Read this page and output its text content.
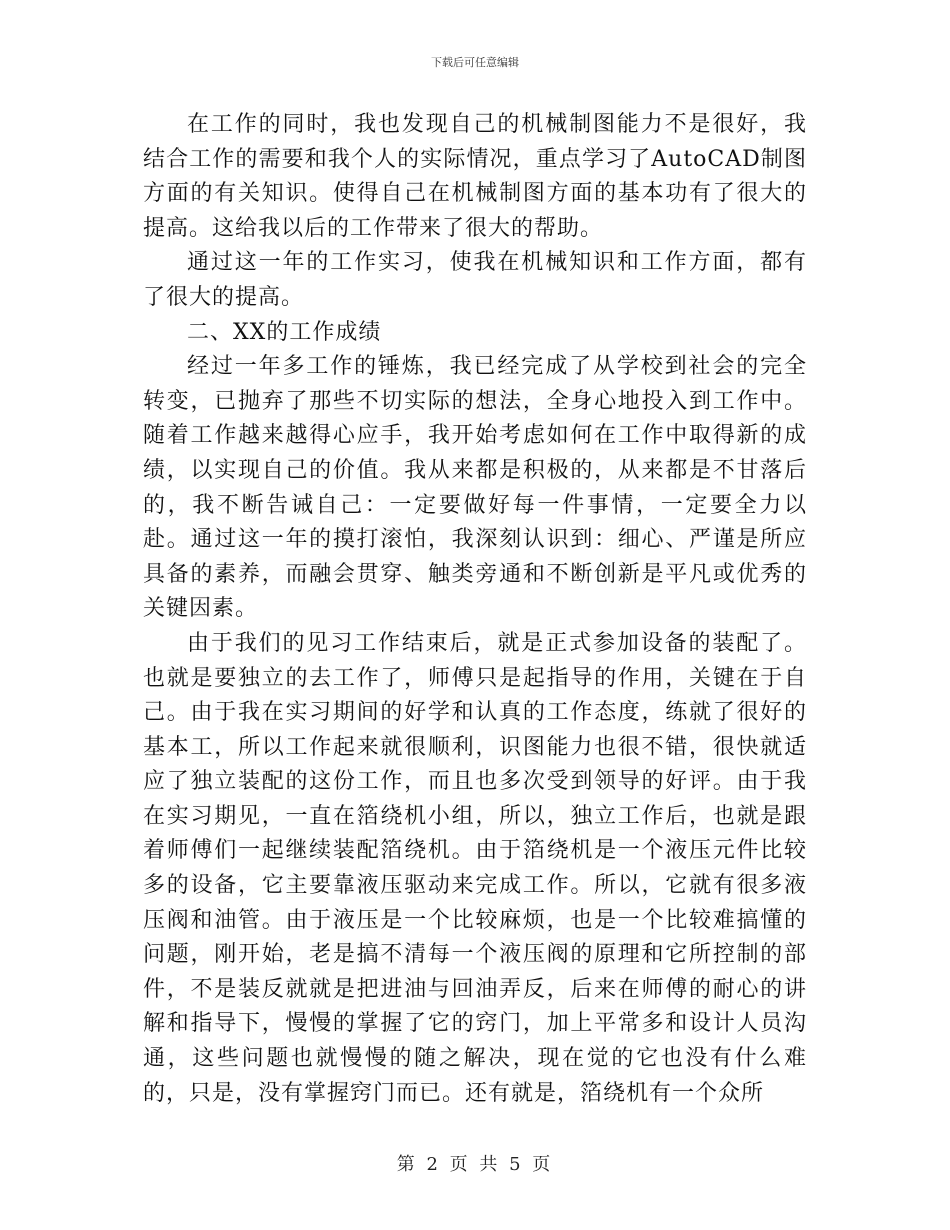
下载后可任意编辑

在工作的同时，我也发现自己的机械制图能力不是很好，我结合工作的需要和我个人的实际情况，重点学习了AutoCAD制图方面的有关知识。使得自己在机械制图方面的基本功有了很大的提高。这给我以后的工作带来了很大的帮助。

通过这一年的工作实习，使我在机械知识和工作方面，都有了很大的提高。

二、XX的工作成绩

经过一年多工作的锤炼，我已经完成了从学校到社会的完全转变，已抛弃了那些不切实际的想法，全身心地投入到工作中。随着工作越来越得心应手，我开始考虑如何在工作中取得新的成绩，以实现自己的价值。我从来都是积极的，从来都是不甘落后的，我不断告诫自己：一定要做好每一件事情，一定要全力以赴。通过这一年的摸打滚怕，我深刻认识到：细心、严谨是所应具备的素养，而融会贯穿、触类旁通和不断创新是平凡或优秀的关键因素。

由于我们的见习工作结束后，就是正式参加设备的装配了。也就是要独立的去工作了，师傅只是起指导的作用，关键在于自己。由于我在实习期间的好学和认真的工作态度，练就了很好的基本工，所以工作起来就很顺利，识图能力也很不错，很快就适应了独立装配的这份工作，而且也多次受到领导的好评。由于我在实习期见，一直在箔绕机小组，所以，独立工作后，也就是跟着师傅们一起继续装配箔绕机。由于箔绕机是一个液压元件比较多的设备，它主要靠液压驱动来完成工作。所以，它就有很多液压阀和油管。由于液压是一个比较麻烦，也是一个比较难搞懂的问题，刚开始，老是搞不清每一个液压阀的原理和它所控制的部件，不是装反就就是把进油与回油弄反，后来在师傅的耐心的讲解和指导下，慢慢的掌握了它的窍门，加上平常多和设计人员沟通，这些问题也就慢慢的随之解决，现在觉的它也没有什么难的，只是，没有掌握窍门而已。还有就是，箔绕机有一个众所

第 2 页 共 5 页
